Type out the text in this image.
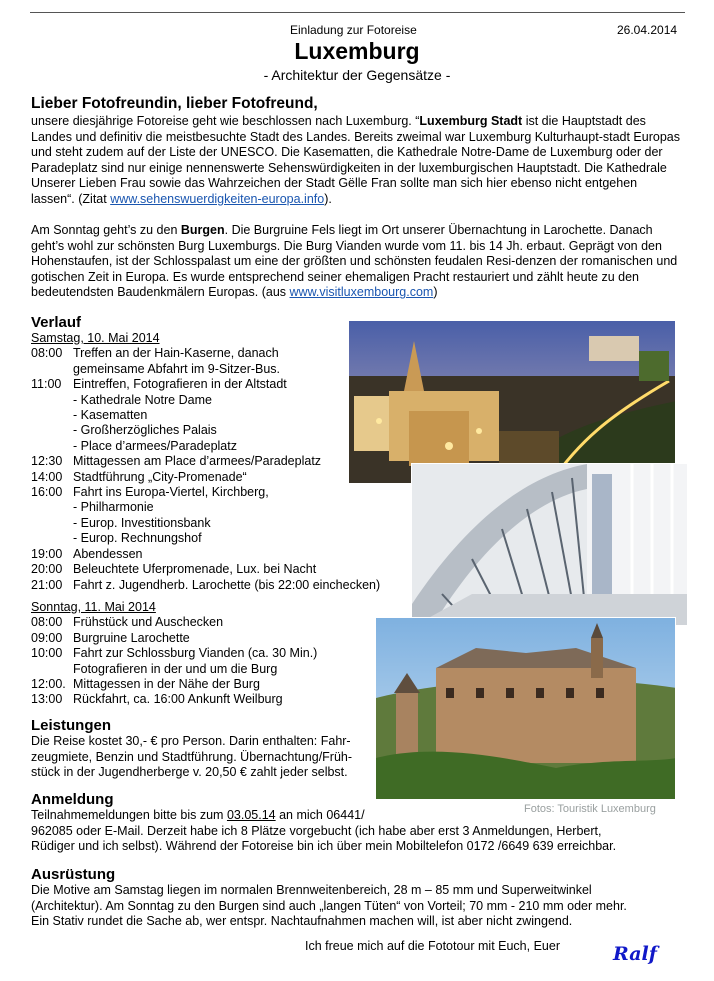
Einladung zur Fotoreise	26.04.2014
Luxemburg
- Architektur der Gegensätze -
Lieber Fotofreundin, lieber Fotofreund,
unsere diesjährige Fotoreise geht wie beschlossen nach Luxemburg. “Luxemburg Stadt ist die Hauptstadt des Landes und definitiv die meistbesuchte Stadt des Landes. Bereits zweimal war Luxemburg Kulturhaupt-stadt Europas und steht zudem auf der Liste der UNESCO. Die Kasematten, die Kathedrale Notre-Dame de Luxemburg oder der Paradeplatz sind nur einige nennenswerte Sehenswürdigkeiten in der luxemburgischen Hauptstadt. Die Kathedrale Unserer Lieben Frau sowie das Wahrzeichen der Stadt Gëlle Fran sollte man sich hier ebenso nicht entgehen lassen“. (Zitat www.sehenswuerdigkeiten-europa.info).
Am Sonntag geht’s zu den Burgen. Die Burgruine Fels liegt im Ort unserer Übernachtung in Larochette. Danach geht’s wohl zur schönsten Burg Luxemburgs. Die Burg Vianden wurde vom 11. bis 14 Jh. erbaut. Geprägt von den Hohenstaufen, ist der Schlosspalast um eine der größten und schönsten feudalen Resi-denzen der romanischen und gotischen Zeit in Europa. Es wurde entsprechend seiner ehemaligen Pracht restauriert und zählt heute zu den bedeutendsten Baudenkmälern Europas. (aus www.visitluxembourg.com)
Verlauf
Samstag, 10. Mai 2014
08:00 Treffen an der Hain-Kaserne, danach
gemeinsame Abfahrt im 9-Sitzer-Bus.
11:00 Eintreffen, Fotografieren in der Altstadt
- Kathedrale Notre Dame
- Kasematten
- Großherzögliches Palais
- Place d’armees/Paradeplatz
12:30 Mittagessen am Place d’armees/Paradeplatz
14:00 Stadtführung „City-Promenade“
16:00 Fahrt ins Europa-Viertel, Kirchberg,
- Philharmonie
- Europ. Investitionsbank
- Europ. Rechnungshof
19:00 Abendessen
20:00 Beleuchtete Uferpromenade, Lux. bei Nacht
21:00 Fahrt z. Jugendherb. Larochette (bis 22:00 einchecken)
Sonntag, 11. Mai 2014
08:00 Frühstück und Auschecken
09:00 Burgruine Larochette
10:00 Fahrt zur Schlossburg Vianden (ca. 30 Min.)
Fotografieren in der und um die Burg
12:00. Mittagessen in der Nähe der Burg
13:00 Rückfahrt, ca. 16:00 Ankunft Weilburg
Fotos: Touristik Luxemburg
Leistungen
Die Reise kostet 30,- € pro Person. Darin enthalten: Fahr-
zeugmiete, Benzin und Stadtführung. Übernachtung/Früh-
stück in der Jugendherberge v. 20,50 € zahlt jeder selbst.
Anmeldung
Teilnahmemeldungen bitte bis zum 03.05.14 an mich 06441/
962085 oder E-Mail. Derzeit habe ich 8 Plätze vorgebucht (ich habe aber erst 3 Anmeldungen, Herbert,
Rüdiger und ich selbst). Während der Fotoreise bin ich über mein Mobiltelefon 0172 /6649 639 erreichbar.
Ausrüstung
Die Motive am Samstag liegen im normalen Brennweitenbereich, 28 m – 85 mm und Superweitwinkel
(Architektur). Am Sonntag zu den Burgen sind auch „langen Tüten“ von Vorteil; 70 mm - 210 mm oder mehr.
Ein Stativ rundet die Sache ab, wer entspr. Nachtaufnahmen machen will, ist aber nicht zwingend.
Ich freue mich auf die Fototour mit Euch, Euer	Ralf
